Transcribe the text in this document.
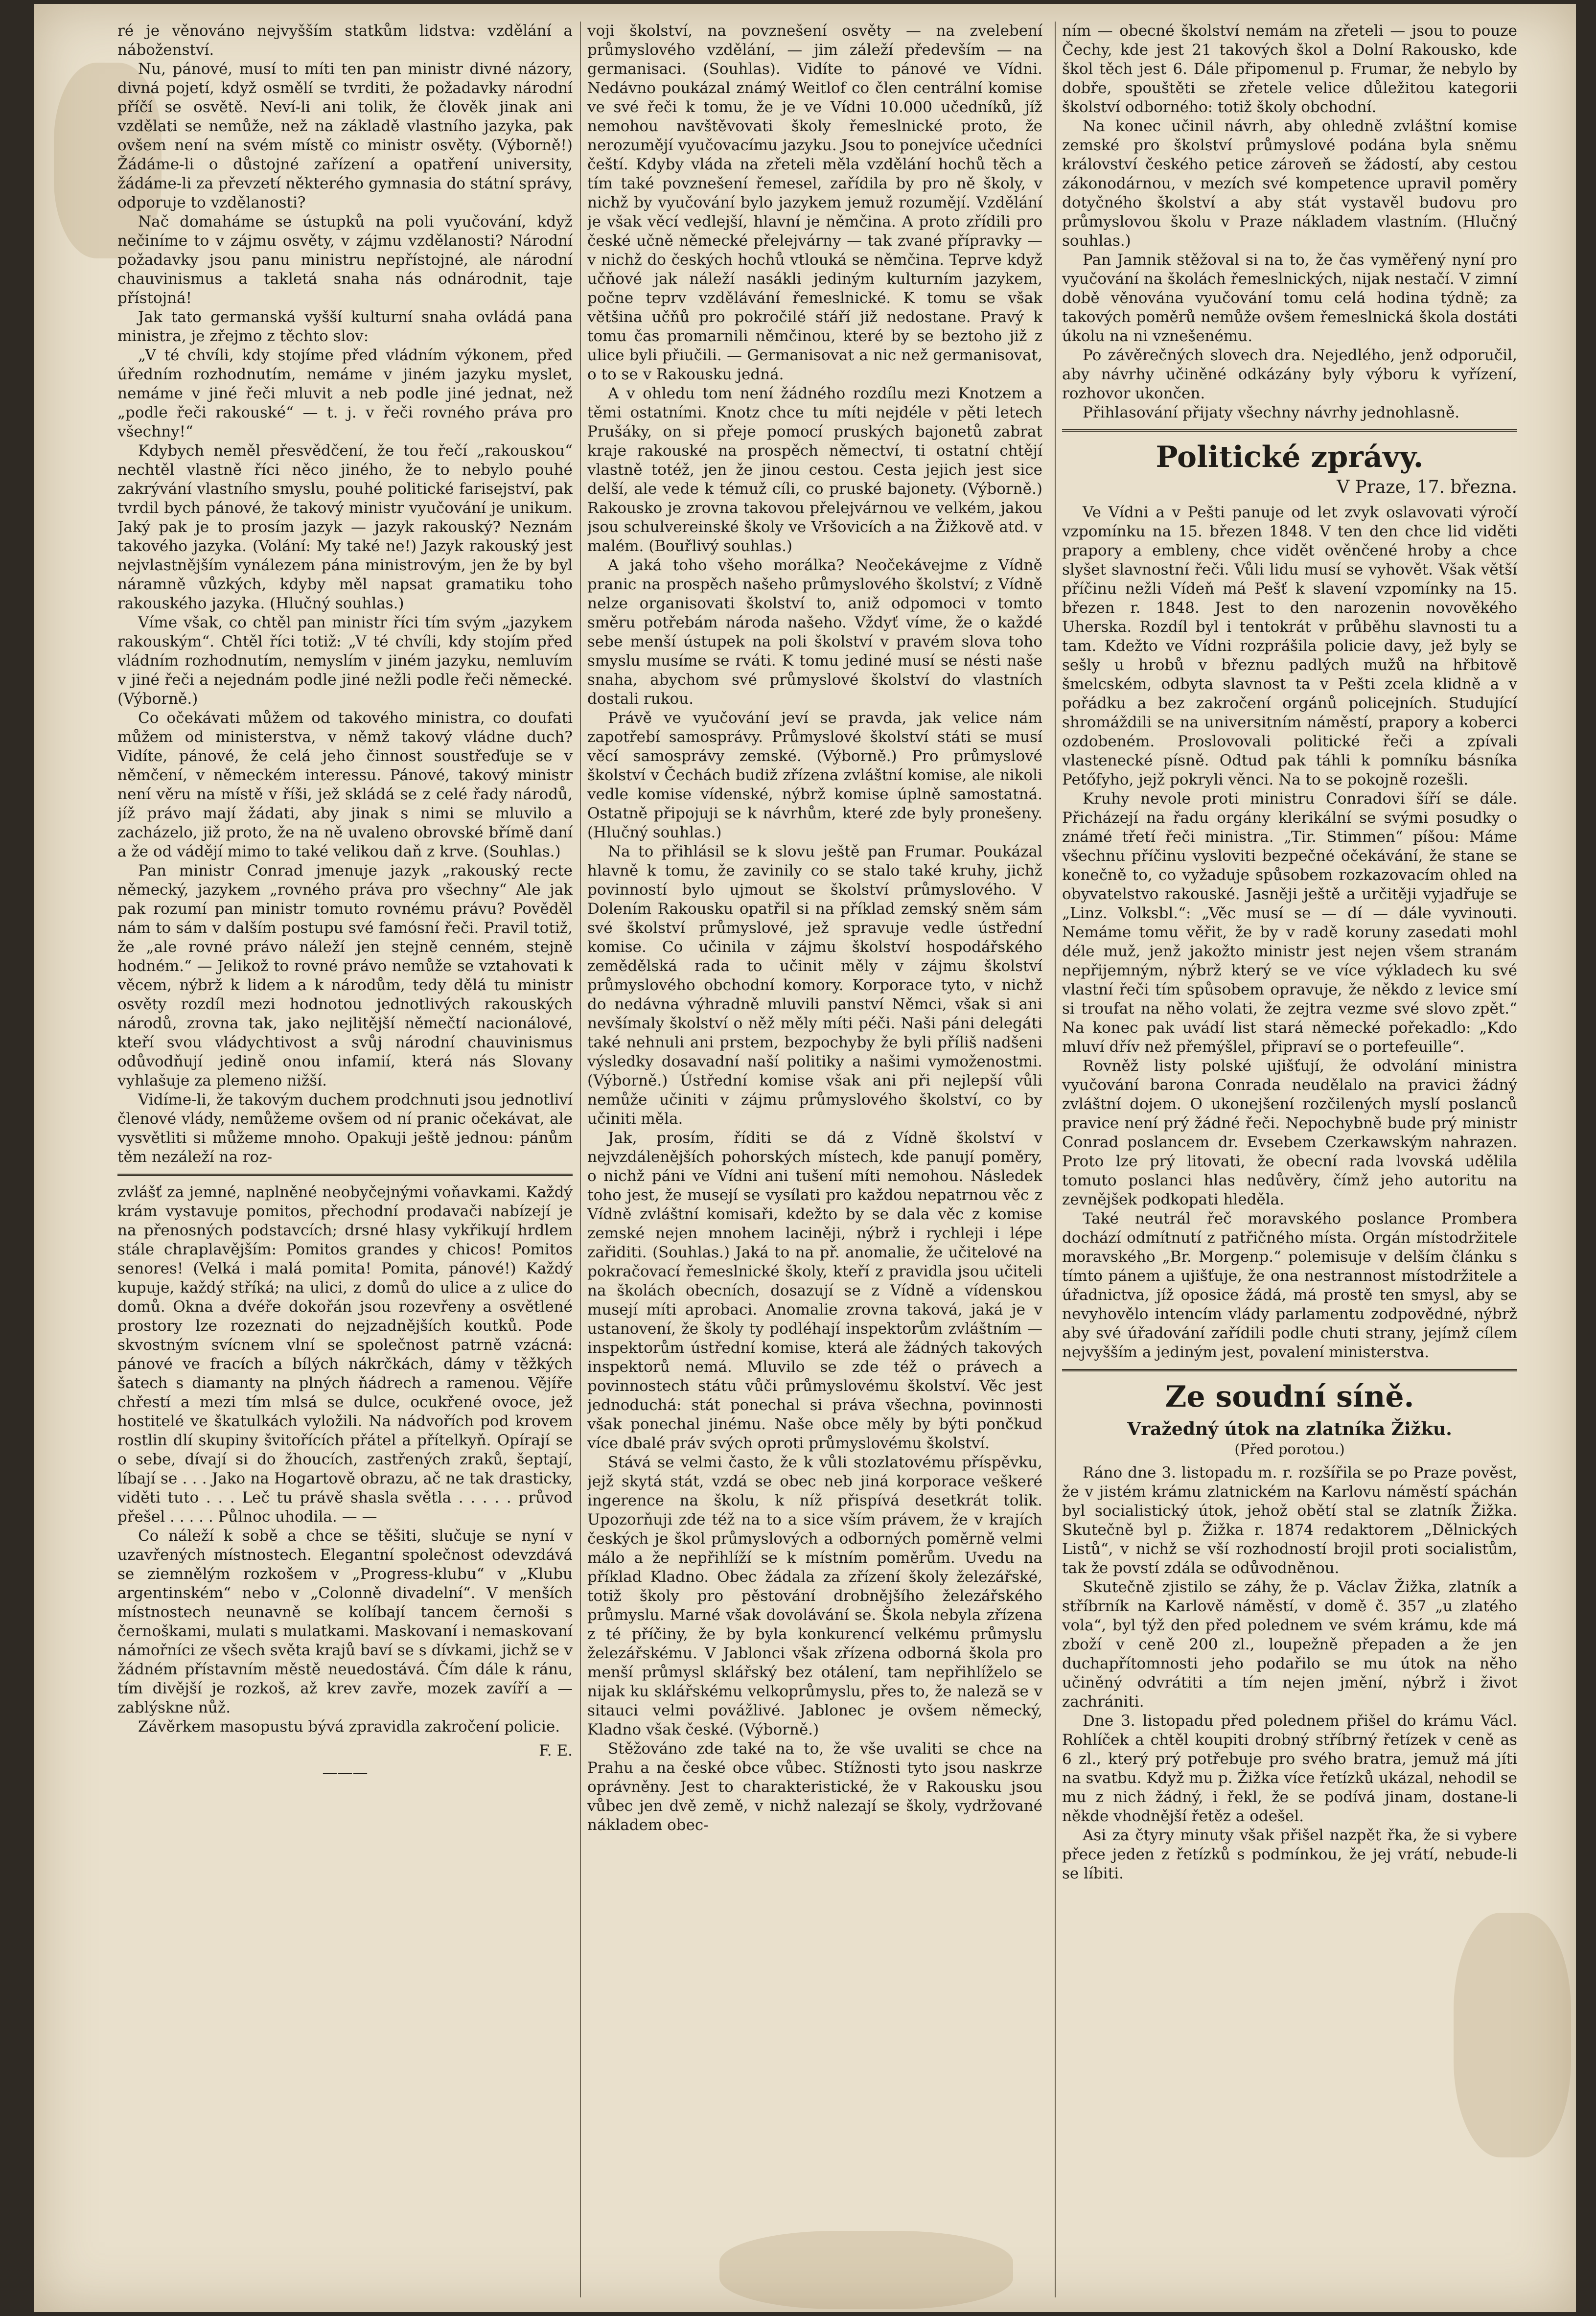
ré je věnováno nejvyšším statkům lidstva: vzdělání a náboženství.

Nu, pánové, musí to míti ten pan ministr divné názory, divná pojetí, když osmělí se tvrditi, že požadavky národní příčí se osvětě. Neví-li ani tolik, že člověk jinak ani vzdělati se nemůže, než na základě vlastního jazyka, pak ovšem není na svém místě co ministr osvěty. (Výborně!) Žádáme-li o důstojné zařízení a opatření university, žádáme-li za převzetí některého gymnasia do státní správy, odporuje to vzdělanosti?

Nač domaháme se ústupků na poli vyučování, když nečiníme to v zájmu osvěty, v zájmu vzdělanosti? Národní požadavky jsou panu ministru nepřístojné, ale národní chauvinismus a takletá snaha nás odnárodnit, taje přístojná!

Jak tato germanská vyšší kulturní snaha ovládá pana ministra, je zřejmo z těchto slov:

„V té chvíli, kdy stojíme před vládním výkonem, před úředním rozhodnutím, nemáme v jiném jazyku myslet, nemáme v jiné řeči mluvit a neb podle jiné jednat, než „podle řeči rakouské“ — t. j. v řeči rovného práva pro všechny!“

Kdybych neměl přesvědčení, že tou řečí „rakouskou“ nechtěl vlastně říci něco jiného, že to nebylo pouhé zakrývání vlastního smyslu, pouhé politické farisejství, pak tvrdil bych pánové, že takový ministr vyučování je unikum. Jaký pak je to prosím jazyk — jazyk rakouský? Neznám takového jazyka. (Volání: My také ne!) Jazyk rakouský jest nejvlastnějším vynálezem pána ministrovým, jen že by byl náramně vůzkých, kdyby měl napsat gramatiku toho rakouského jazyka. (Hlučný souhlas.)

Víme však, co chtěl pan ministr říci tím svým „jazykem rakouským“. Chtěl říci totiž: „V té chvíli, kdy stojím před vládním rozhodnutím, nemyslím v jiném jazyku, nemluvím v jiné řeči a nejednám podle jiné nežli podle řeči německé. (Výborně.)

Co očekávati můžem od takového ministra, co doufati můžem od ministerstva, v němž takový vládne duch? Vidíte, pánové, že celá jeho činnost soustřeďuje se v němčení, v německém interessu. Pánové, takový ministr není věru na místě v říši, jež skládá se z celé řady národů, jíž právo mají žádati, aby jinak s nimi se mluvilo a zacházelo, již proto, že na ně uvaleno obrovské břímě daní a že od vádějí mimo to také velikou daň z krve. (Souhlas.)

Pan ministr Conrad jmenuje jazyk „rakouský recte německý, jazykem „rovného práva pro všechny“ Ale jak pak rozumí pan ministr tomuto rovnému právu? Pověděl nám to sám v dalším postupu své famósní řeči. Pravil totiž, že „ale rovné právo náleží jen stejně cenném, stejně hodném.“ — Jelikož to rovné právo nemůže se vztahovati k věcem, nýbrž k lidem a k národům, tedy dělá tu ministr osvěty rozdíl mezi hodnotou jednotlivých rakouských národů, zrovna tak, jako nejlitější němečtí nacionálové, kteří svou vládychtivost a svůj národní chauvinismus odůvodňují jedině onou infamií, která nás Slovany vyhlašuje za plemeno nižší.

Vidíme-li, že takovým duchem prodchnuti jsou jednotliví členové vlády, nemůžeme ovšem od ní pranic očekávat, ale vysvětliti si můžeme mnoho. Opakuji ještě jednou: pánům těm nezáleží na roz-

zvlášť za jemné, naplněné neobyčejnými voňavkami. Každý krám vystavuje pomitos, přechodní prodavači nabízejí je na přenosných podstavcích; drsné hlasy vykřikují hrdlem stále chraplavějším: Pomitos grandes y chicos! Pomitos senores! (Velká i malá pomita! Pomita, pánové!) Každý kupuje, každý stříká; na ulici, z domů do ulice a z ulice do domů. Okna a dvéře dokořán jsou rozevřeny a osvětlené prostory lze rozeznati do nejzadnějších koutků. Pode skvostným svícnem vlní se společnost patrně vzácná: pánové ve fracích a bílých nákrčkách, dámy v těžkých šatech s diamanty na plných ňádrech a ramenou. Vějíře chřestí a mezi tím mlsá se dulce, ocukřené ovoce, jež hostitelé ve škatulkách vyložili. Na nádvořích pod krovem rostlin dlí skupiny švitořících přátel a přítelkyň. Opírají se o sebe, dívají si do žhoucích, zastřených zraků, šeptají, líbají se . . . Jako na Hogartově obrazu, ač ne tak drasticky, viděti tuto . . . Leč tu právě shasla světla . . . . . průvod přešel . . . . . Půlnoc uhodila. — —

Co náleží k sobě a chce se těšiti, slučuje se nyní v uzavřených místnostech. Elegantní společnost odevzdává se ziemnělým rozkošem v „Progress-klubu“ v „Klubu argentinském“ nebo v „Colonně divadelní“. V menších místnostech neunavně se kolíbají tancem černoši s černoškami, mulati s mulatkami. Maskovaní i nemaskovaní námořníci ze všech světa krajů baví se s dívkami, jichž se v žádném přístavním městě neuedostává. Čím dále k ránu, tím divější je rozkoš, až krev zavře, mozek zavíří a — zablýskne nůž.

Závěrkem masopustu bývá zpravidla zakročení policie.

F. E.

———

voji školství, na povznešení osvěty — na zvelebení průmyslového vzdělání, — jim záleží především — na germanisaci. (Souhlas). Vidíte to pánové ve Vídni. Nedávno poukázal známý Weitlof co člen centrální komise ve své řeči k tomu, že je ve Vídni 10.000 učedníků, jíž nemohou navštěvovati školy řemeslnické proto, že nerozumějí vyučovacímu jazyku. Jsou to ponejvíce učedníci čeští. Kdyby vláda na zřeteli měla vzdělání hochů těch a tím také povznešení řemesel, zařídila by pro ně školy, v nichž by vyučování bylo jazykem jemuž rozumějí. Vzdělání je však věcí vedlejší, hlavní je němčina. A proto zřídili pro české učně německé přelejvárny — tak zvané přípravky — v nichž do českých hochů vtlouká se němčina. Teprve když učňové jak náleží nasákli jediným kulturním jazykem, počne teprv vzdělávání řemeslnické. K tomu se však většina učňů pro pokročilé stáří již nedostane. Pravý k tomu čas promarnili němčinou, které by se beztoho již z ulice byli přiučili. — Germanisovat a nic než germanisovat, o to se v Rakousku jedná.

A v ohledu tom není žádného rozdílu mezi Knotzem a těmi ostatními. Knotz chce tu míti nejdéle v pěti letech Prušáky, on si přeje pomocí pruských bajonetů zabrat kraje rakouské na prospěch němectví, ti ostatní chtějí vlastně totéž, jen že jinou cestou. Cesta jejich jest sice delší, ale vede k témuž cíli, co pruské bajonety. (Výborně.) Rakousko je zrovna takovou přelejvárnou ve velkém, jakou jsou schulvereinské školy ve Vršovicích a na Žižkově atd. v malém. (Bouřlivý souhlas.)

A jaká toho všeho morálka? Neočekávejme z Vídně pranic na prospěch našeho průmyslového školství; z Vídně nelze organisovati školství to, aniž odpomoci v tomto směru potřebám národa našeho. Vždyť víme, že o každé sebe menší ústupek na poli školství v pravém slova toho smyslu musíme se rváti. K tomu jediné musí se nésti naše snaha, abychom své průmyslové školství do vlastních dostali rukou.

Právě ve vyučování jeví se pravda, jak velice nám zapotřebí samosprávy. Průmyslové školství státi se musí věcí samosprávy zemské. (Výborně.) Pro průmyslové školství v Čechách budiž zřízena zvláštní komise, ale nikoli vedle komise vídenské, nýbrž komise úplně samostatná. Ostatně připojuji se k návrhům, které zde byly pronešeny. (Hlučný souhlas.)

Na to přihlásil se k slovu ještě pan Frumar. Poukázal hlavně k tomu, že zavinily co se stalo také kruhy, jichž povinností bylo ujmout se školství průmyslového. V Dolením Rakousku opatřil si na příklad zemský sněm sám své školství průmyslové, jež spravuje vedle ústřední komise. Co učinila v zájmu školství hospodářského zemědělská rada to učinit měly v zájmu školství průmyslového obchodní komory. Korporace tyto, v nichž do nedávna výhradně mluvili panství Němci, však si ani nevšímaly školství o něž měly míti péči. Naši páni delegáti také nehnuli ani prstem, bezpochyby že byli příliš nadšeni výsledky dosavadní naší politiky a našimi vymoženostmi. (Výborně.) Ústřední komise však ani při nejlepší vůli nemůže učiniti v zájmu průmyslového školství, co by učiniti měla.

Jak, prosím, říditi se dá z Vídně školství v nejvzdálenějších pohorských místech, kde panují poměry, o nichž páni ve Vídni ani tušení míti nemohou. Následek toho jest, že musejí se vysílati pro každou nepatrnou věc z Vídně zvláštní komisaři, kdežto by se dala věc z komise zemské nejen mnohem laciněji, nýbrž i rychleji i lépe zařiditi. (Souhlas.) Jaká to na př. anomalie, že učitelové na pokračovací řemeslnické školy, kteří z pravidla jsou učiteli na školách obecních, dosazují se z Vídně a vídenskou musejí míti aprobaci. Anomalie zrovna taková, jaká je v ustanovení, že školy ty podléhají inspektorům zvláštním — inspektorům ústřední komise, která ale žádných takových inspektorů nemá. Mluvilo se zde též o právech a povinnostech státu vůči průmyslovému školství. Věc jest jednoduchá: stát ponechal si práva všechna, povinnosti však ponechal jinému. Naše obce měly by býti pončkud více dbalé práv svých oproti průmyslovému školství.

Stává se velmi často, že k vůli stozlatovému příspěvku, jejž skytá stát, vzdá se obec neb jiná korporace veškeré ingerence na školu, k níž přispívá desetkrát tolik. Upozorňuji zde též na to a sice vším právem, že v krajích českých je škol průmyslových a odborných poměrně velmi málo a že nepřihlíží se k místním poměrům. Uvedu na příklad Kladno. Obec žádala za zřízení školy železářské, totiž školy pro pěstování drobnějšího železářského průmyslu. Marné však dovolávání se. Škola nebyla zřízena z té příčiny, že by byla konkurencí velkému průmyslu železářskému. V Jablonci však zřízena odborná škola pro menší průmysl sklářský bez otálení, tam nepřihlíželo se nijak ku sklářskému velkoprůmyslu, přes to, že naleză se v sitauci velmi povážlivé. Jablonec je ovšem německý, Kladno však české. (Výborně.)

Stěžováno zde také na to, že vše uvaliti se chce na Prahu a na české obce vůbec. Stížnosti tyto jsou naskrze oprávněny. Jest to charakteristické, že v Rakousku jsou vůbec jen dvě země, v nichž nalezají se školy, vydržované nákladem obec-

ním — obecné školství nemám na zřeteli — jsou to pouze Čechy, kde jest 21 takových škol a Dolní Rakousko, kde škol těch jest 6. Dále připomenul p. Frumar, že nebylo by dobře, spouštěti se zřetele velice důležitou kategorii školství odborného: totiž školy obchodní.

Na konec učinil návrh, aby ohledně zvláštní komise zemské pro školství průmyslové podána byla sněmu království českého petice zároveň se žádostí, aby cestou zákonodárnou, v mezích své kompetence upravil poměry dotyčného školství a aby stát vystavěl budovu pro průmyslovou školu v Praze nákladem vlastním. (Hlučný souhlas.)

Pan Jamnik stěžoval si na to, že čas vyměřený nyní pro vyučování na školách řemeslnických, nijak nestačí. V zimní době věnována vyučování tomu celá hodina týdně; za takových poměrů nemůže ovšem řemeslnická škola dostáti úkolu na ni vznešenému.

Po závěrečných slovech dra. Nejedlého, jenž odporučil, aby návrhy učiněné odkázány byly výboru k vyřízení, rozhovor ukončen.

Přihlasování přijaty všechny návrhy jednohlasně.

Politické zprávy.

V Praze, 17. března.

Ve Vídni a v Pešti panuje od let zvyk oslavovati výročí vzpomínku na 15. březen 1848. V ten den chce lid viděti prapory a embleny, chce vidět ověnčené hroby a chce slyšet slavnostní řeči. Vůli lidu musí se vyhovět. Však větší příčinu nežli Vídeň má Pešť k slavení vzpomínky na 15. březen r. 1848. Jest to den narozenin novověkého Uherska. Rozdíl byl i tentokrát v průběhu slavnosti tu a tam. Kdežto ve Vídni rozprášila policie davy, jež byly se sešly u hrobů v březnu padlých mužů na hřbitově šmelcském, odbyta slavnost ta v Pešti zcela klidně a v pořádku a bez zakročení orgánů policejních. Studující shromáždili se na universitním náměstí, prapory a koberci ozdobeném. Proslovovali politické řeči a zpívali vlastenecké písně. Odtud pak táhli k pomníku básníka Petőfyho, jejž pokryli věnci. Na to se pokojně rozešli.

Kruhy nevole proti ministru Conradovi šíří se dále. Přicházejí na řadu orgány klerikální se svými posudky o známé třetí řeči ministra. „Tir. Stimmen“ píšou: Máme všechnu příčinu vysloviti bezpečné očekávání, že stane se konečně to, co vyžaduje spůsobem rozkazovacím ohled na obyvatelstvo rakouské. Jasněji ještě a určitěji vyjadřuje se „Linz. Volksbl.“: „Věc musí se — dí — dále vyvinouti. Nemáme tomu věřit, že by v radě koruny zasedati mohl déle muž, jenž jakožto ministr jest nejen všem stranám nepřijemným, nýbrž který se ve více výkladech ku své vlastní řeči tím spůsobem opravuje, že někdo z levice smí si troufat na něho volati, že zejtra vezme své slovo zpět.“ Na konec pak uvádí list stará německé pořekadlo: „Kdo mluví dřív než přemýšlel, připraví se o portefeuille“.

Rovněž listy polské ujišťují, že odvolání ministra vyučování barona Conrada neudělalo na pravici žádný zvláštní dojem. O ukonejšení rozčilených myslí poslanců pravice není prý žádné řeči. Nepochybně bude prý ministr Conrad poslancem dr. Evsebem Czerkawským nahrazen. Proto lze prý litovati, že obecní rada lvovská udělila tomuto poslanci hlas nedůvěry, čímž jeho autoritu na zevnějšek podkopati hleděla.

Také neutrál řeč moravského poslance Prombera dochází odmítnutí z patřičného místa. Orgán místodržitele moravského „Br. Morgenp.“ polemisuje v delším článku s tímto pánem a ujišťuje, že ona nestrannost místodržitele a úřadnictva, jíž oposice žádá, má prostě ten smysl, aby se nevyhovělo intencím vlády parlamentu zodpovědné, nýbrž aby své úřadování zařídili podle chuti strany, jejímž cílem nejvyšším a jediným jest, povalení ministerstva.

Ze soudní síně.

Vražedný útok na zlatníka Žižku.

(Před porotou.)

Ráno dne 3. listopadu m. r. rozšířila se po Praze pověst, že v jistém krámu zlatnickém na Karlovu náměstí spáchán byl socialistický útok, jehož obětí stal se zlatník Žižka. Skutečně byl p. Žižka r. 1874 redaktorem „Dělnických Listů“, v nichž se vší rozhodností brojil proti socialistům, tak že povstí zdála se odůvodněnou.

Skutečně zjistilo se záhy, že p. Václav Žižka, zlatník a stříbrník na Karlově náměstí, v domě č. 357 „u zlatého vola“, byl týž den před polednem ve svém krámu, kde má zboží v ceně 200 zl., loupežně přepaden a že jen duchapřítomnosti jeho podařilo se mu útok na něho učiněný odvrátiti a tím nejen jmění, nýbrž i život zachrániti.

Dne 3. listopadu před polednem přišel do krámu Václ. Rohlíček a chtěl koupiti drobný stříbrný řetízek v ceně as 6 zl., který prý potřebuje pro svého bratra, jemuž má jíti na svatbu. Když mu p. Žižka více řetízků ukázal, nehodil se mu z nich žádný, i řekl, že se podívá jinam, dostane-li někde vhodnější řetěz a odešel.

Asi za čtyry minuty však přišel nazpět řka, že si vybere přece jeden z řetízků s podmínkou, že jej vrátí, nebude-li se líbiti.
